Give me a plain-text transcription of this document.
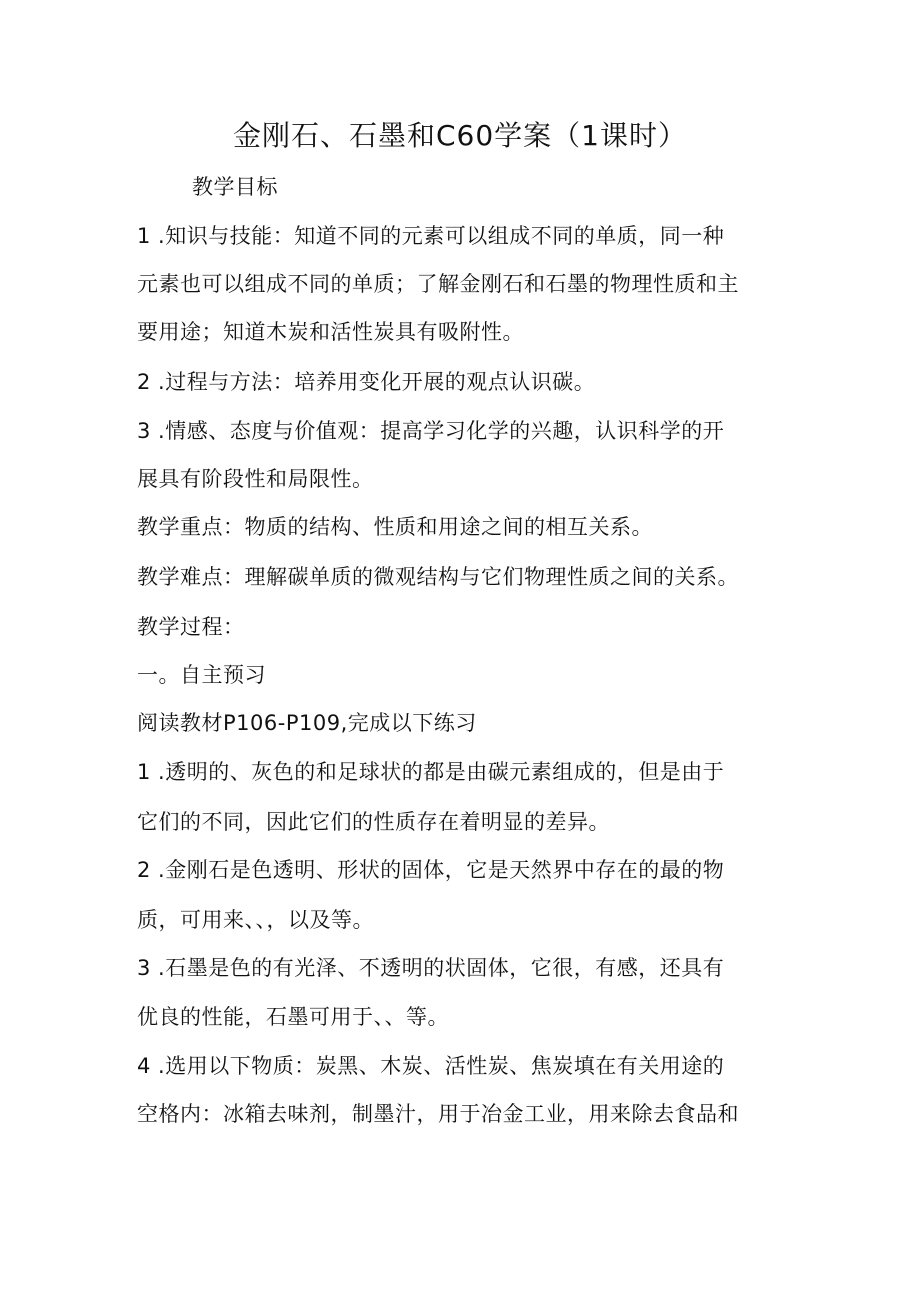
金刚石、石墨和C60学案（1课时）
教学目标
1 .知识与技能：知道不同的元素可以组成不同的单质，同一种
元素也可以组成不同的单质；了解金刚石和石墨的物理性质和主
要用途；知道木炭和活性炭具有吸附性。
2 .过程与方法：培养用变化开展的观点认识碳。
3 .情感、态度与价值观：提高学习化学的兴趣，认识科学的开
展具有阶段性和局限性。
教学重点：物质的结构、性质和用途之间的相互关系。
教学难点：理解碳单质的微观结构与它们物理性质之间的关系。
教学过程：
一。自主预习
阅读教材P106-P109,完成以下练习
1 .透明的、灰色的和足球状的都是由碳元素组成的，但是由于
它们的不同，因此它们的性质存在着明显的差异。
2 .金刚石是色透明、形状的固体，它是天然界中存在的最的物
质，可用来、、，以及等。
3 .石墨是色的有光泽、不透明的状固体，它很，有感，还具有
优良的性能，石墨可用于、、等。
4 .选用以下物质：炭黑、木炭、活性炭、焦炭填在有关用途的
空格内：冰箱去味剂，制墨汁，用于冶金工业，用来除去食品和
